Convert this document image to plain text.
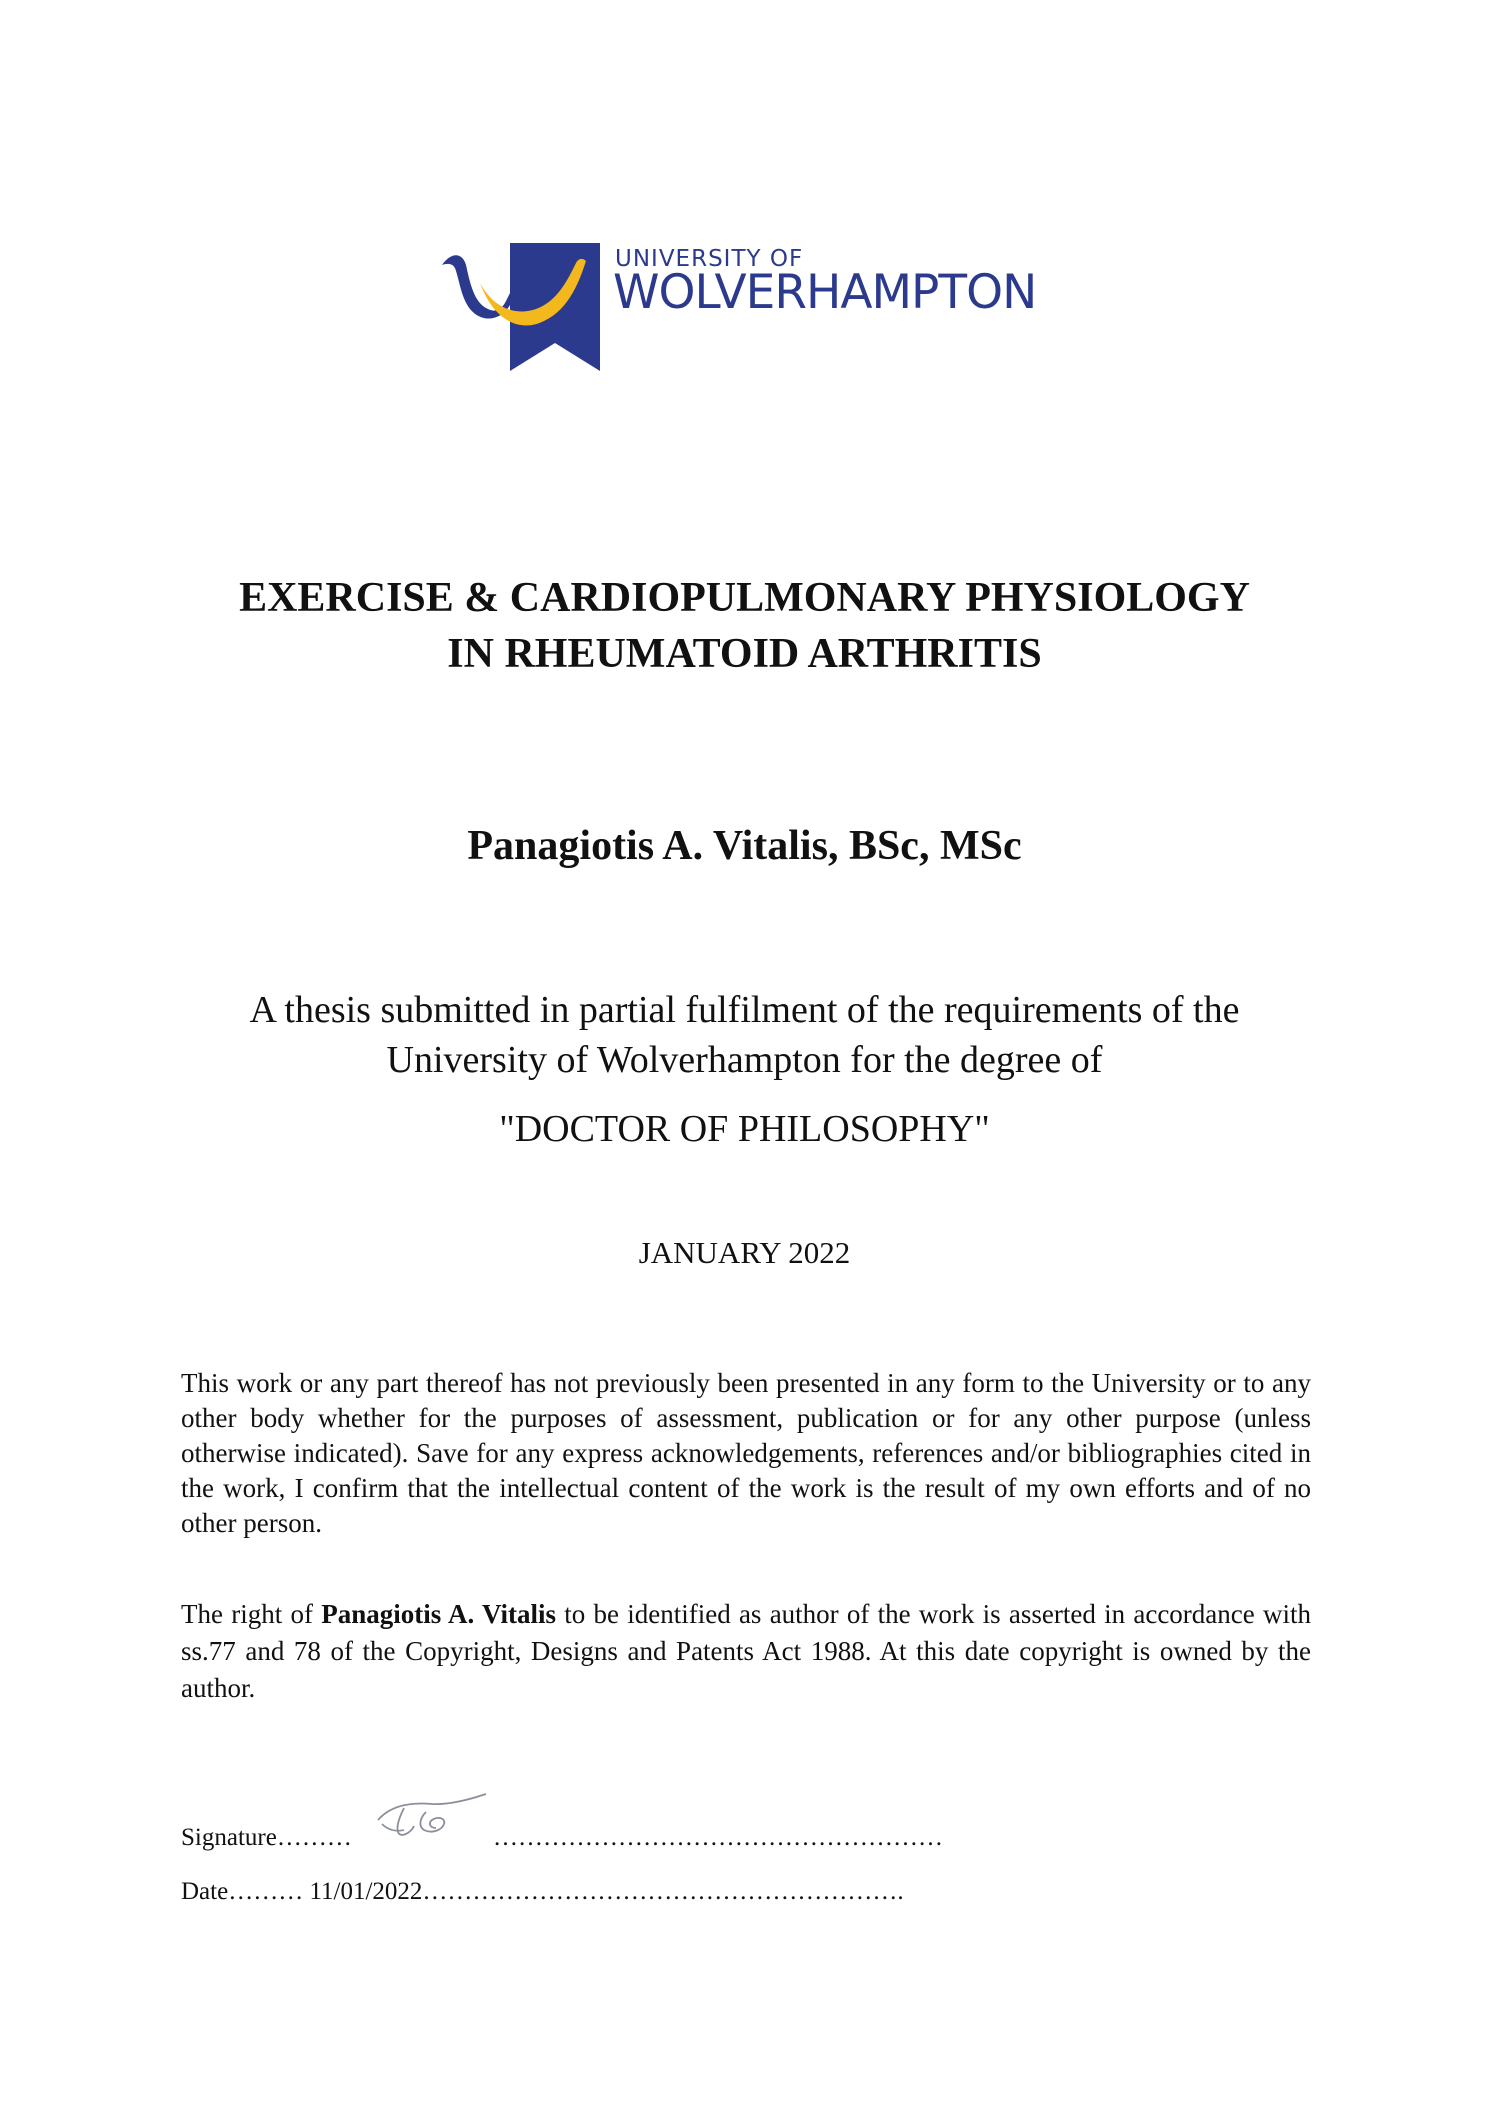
UNIVERSITY OF
WOLVERHAMPTON
EXERCISE & CARDIOPULMONARY PHYSIOLOGY
IN RHEUMATOID ARTHRITIS
Panagiotis A. Vitalis, BSc, MSc
A thesis submitted in partial fulfilment of the requirements of the
University of Wolverhampton for the degree of
"DOCTOR OF PHILOSOPHY"
JANUARY 2022
This work or any part thereof has not previously been presented in any form to the University or to any other body whether for the purposes of assessment, publication or for any other purpose (unless otherwise indicated). Save for any express acknowledgements, references and/or bibliographies cited in the work, I confirm that the intellectual content of the work is the result of my own efforts and of no other person.
The right of Panagiotis A. Vitalis to be identified as author of the work is asserted in accordance with ss.77 and 78 of the Copyright, Designs and Patents Act 1988. At this date copyright is owned by the author.
Signature………	………………………………………………
Date……… 11/01/2022………………………………………………….
